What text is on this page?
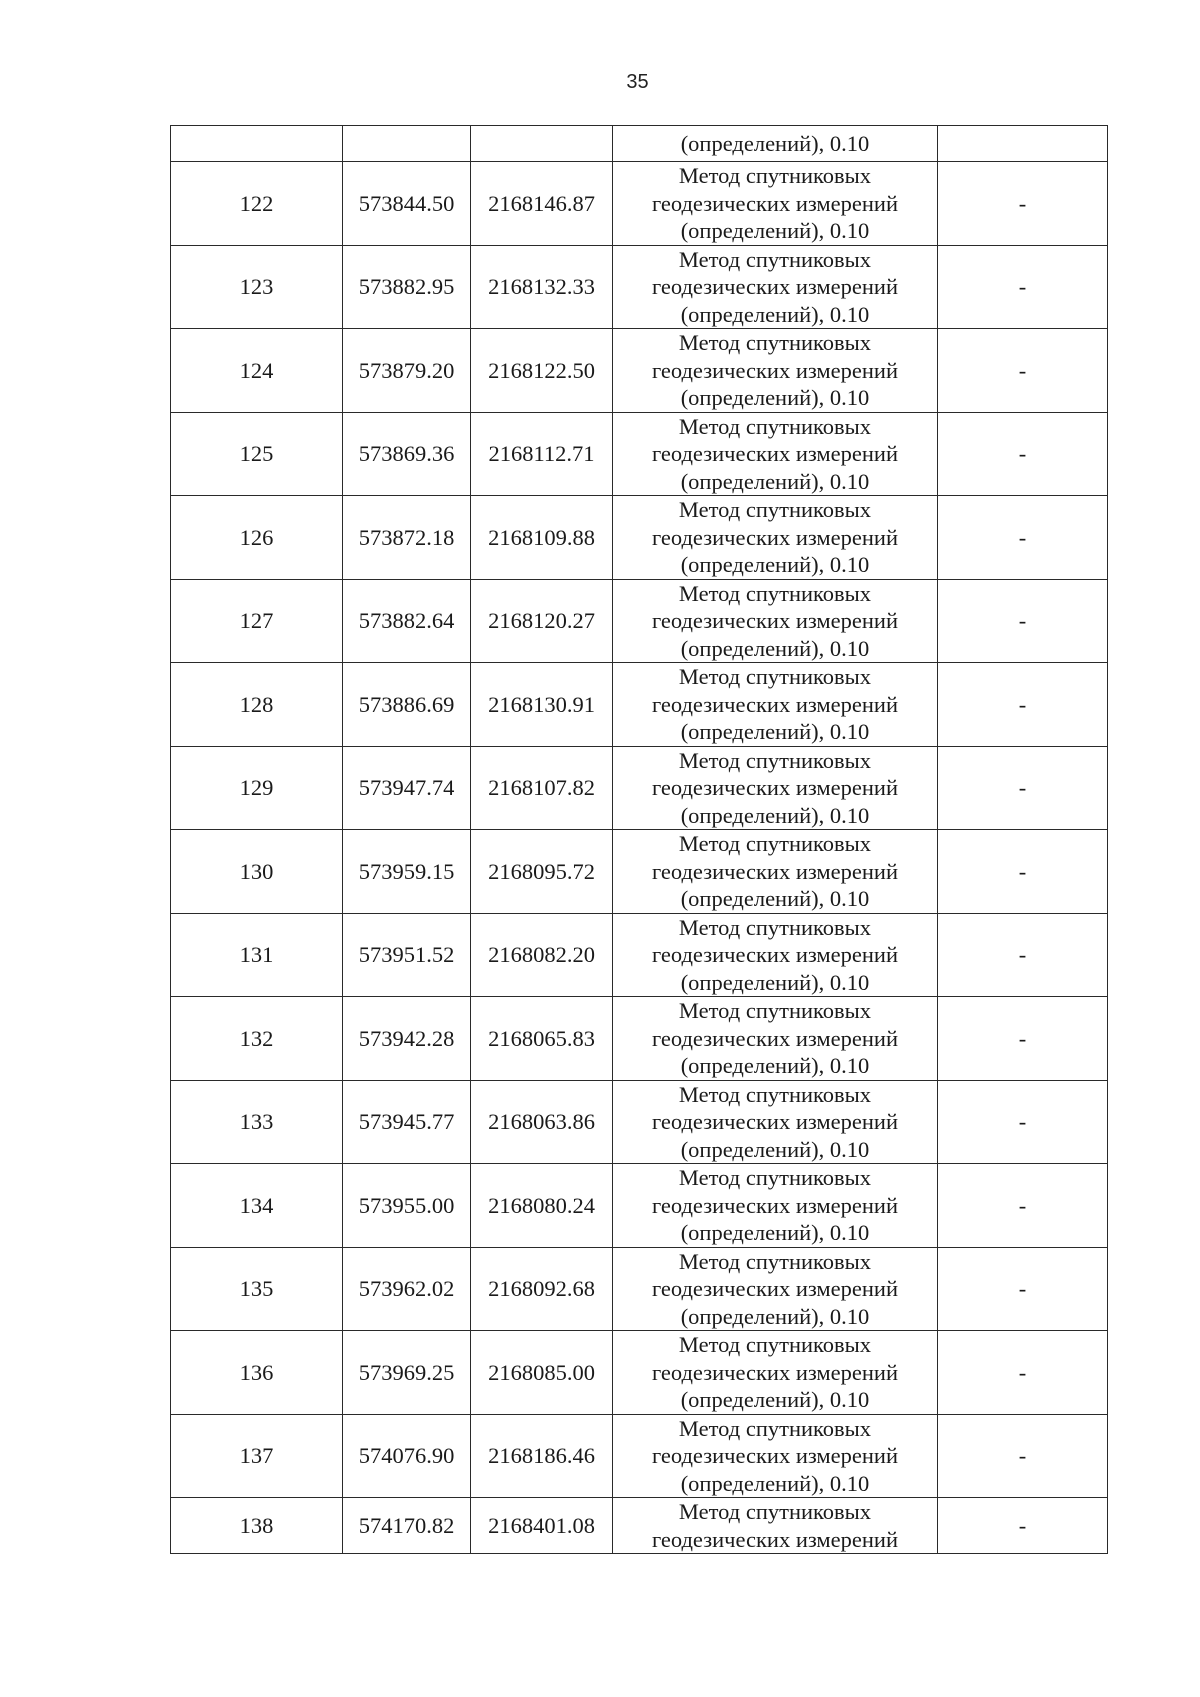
35
			(определений), 0.10	
122	573844.50	2168146.87	Метод спутниковых
геодезических измерений
(определений), 0.10	-
123	573882.95	2168132.33	Метод спутниковых
геодезических измерений
(определений), 0.10	-
124	573879.20	2168122.50	Метод спутниковых
геодезических измерений
(определений), 0.10	-
125	573869.36	2168112.71	Метод спутниковых
геодезических измерений
(определений), 0.10	-
126	573872.18	2168109.88	Метод спутниковых
геодезических измерений
(определений), 0.10	-
127	573882.64	2168120.27	Метод спутниковых
геодезических измерений
(определений), 0.10	-
128	573886.69	2168130.91	Метод спутниковых
геодезических измерений
(определений), 0.10	-
129	573947.74	2168107.82	Метод спутниковых
геодезических измерений
(определений), 0.10	-
130	573959.15	2168095.72	Метод спутниковых
геодезических измерений
(определений), 0.10	-
131	573951.52	2168082.20	Метод спутниковых
геодезических измерений
(определений), 0.10	-
132	573942.28	2168065.83	Метод спутниковых
геодезических измерений
(определений), 0.10	-
133	573945.77	2168063.86	Метод спутниковых
геодезических измерений
(определений), 0.10	-
134	573955.00	2168080.24	Метод спутниковых
геодезических измерений
(определений), 0.10	-
135	573962.02	2168092.68	Метод спутниковых
геодезических измерений
(определений), 0.10	-
136	573969.25	2168085.00	Метод спутниковых
геодезических измерений
(определений), 0.10	-
137	574076.90	2168186.46	Метод спутниковых
геодезических измерений
(определений), 0.10	-
138	574170.82	2168401.08	Метод спутниковых
геодезических измерений	-
